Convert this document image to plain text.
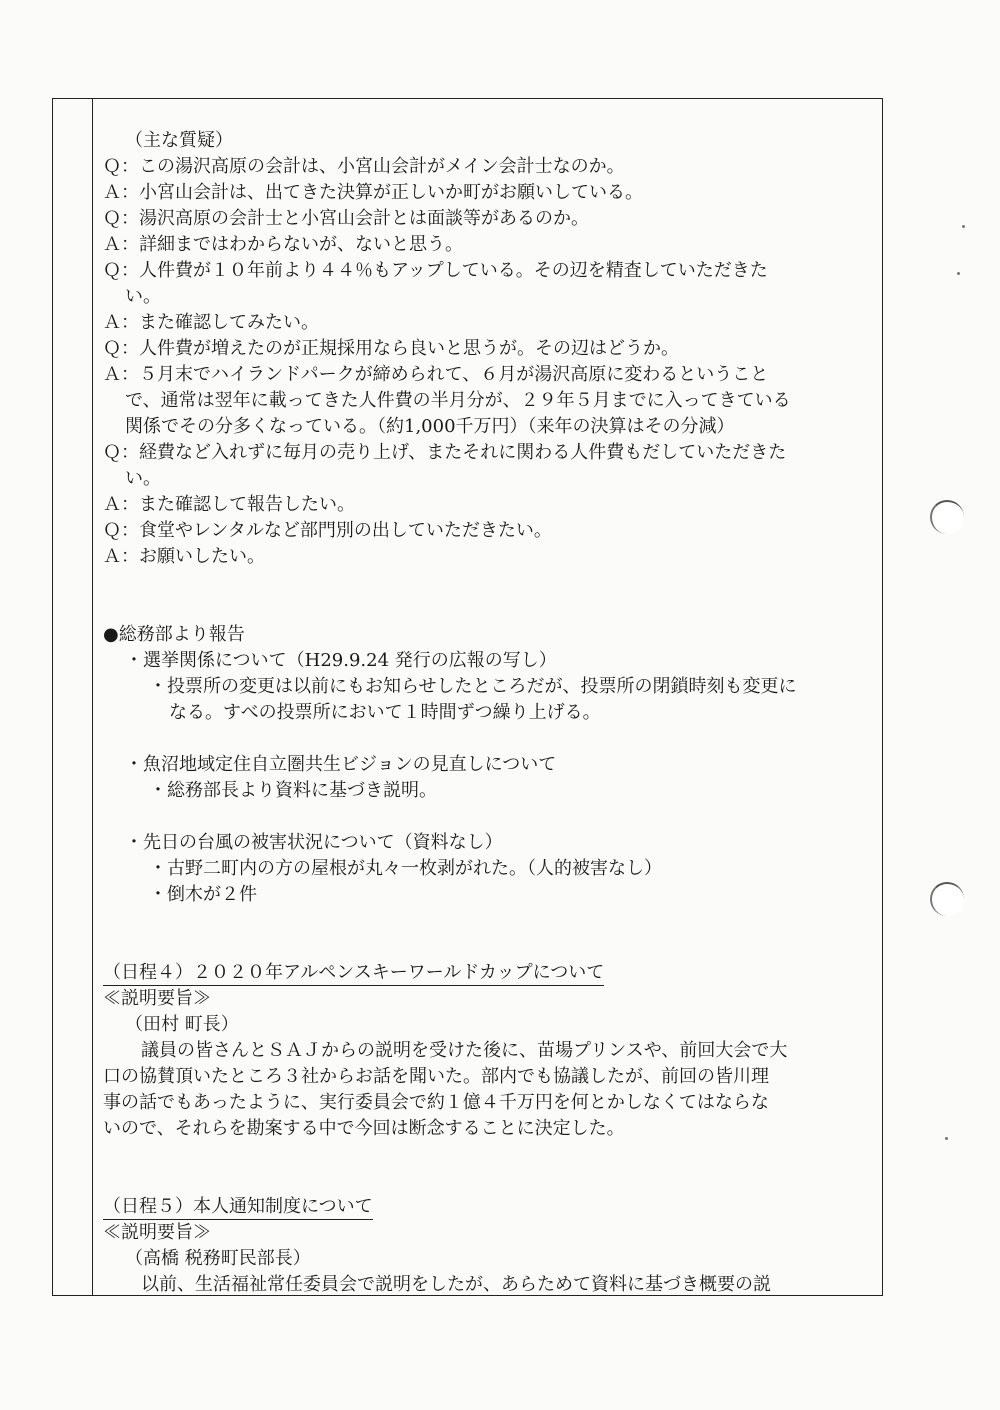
（主な質疑）
Ｑ：この湯沢高原の会計は、小宮山会計がメイン会計士なのか。
Ａ：小宮山会計は、出てきた決算が正しいか町がお願いしている。
Ｑ：湯沢高原の会計士と小宮山会計とは面談等があるのか。
Ａ：詳細まではわからないが、ないと思う。
Ｑ：人件費が１０年前より４４％もアップしている。その辺を精査していただきた
い。
Ａ：また確認してみたい。
Ｑ：人件費が増えたのが正規採用なら良いと思うが。その辺はどうか。
Ａ：５月末でハイランドパークが締められて、６月が湯沢高原に変わるということ
で、通常は翌年に載ってきた人件費の半月分が、２９年５月までに入ってきている
関係でその分多くなっている。（約1,000千万円）（来年の決算はその分減）
Ｑ：経費など入れずに毎月の売り上げ、またそれに関わる人件費もだしていただきた
い。
Ａ：また確認して報告したい。
Ｑ：食堂やレンタルなど部門別の出していただきたい。
Ａ：お願いしたい。
●総務部より報告
・選挙関係について（H29.9.24 発行の広報の写し）
・投票所の変更は以前にもお知らせしたところだが、投票所の閉鎖時刻も変更に
なる。すべの投票所において１時間ずつ繰り上げる。
・魚沼地域定住自立圏共生ビジョンの見直しについて
・総務部長より資料に基づき説明。
・先日の台風の被害状況について（資料なし）
・古野二町内の方の屋根が丸々一枚剥がれた。（人的被害なし）
・倒木が２件
（日程４）２０２０年アルペンスキーワールドカップについて
≪説明要旨≫
（田村 町長）
議員の皆さんとＳＡＪからの説明を受けた後に、苗場プリンスや、前回大会で大
口の協賛頂いたところ３社からお話を聞いた。部内でも協議したが、前回の皆川理
事の話でもあったように、実行委員会で約１億４千万円を何とかしなくてはならな
いので、それらを勘案する中で今回は断念することに決定した。
（日程５）本人通知制度について
≪説明要旨≫
（高橋 税務町民部長）
以前、生活福祉常任委員会で説明をしたが、あらためて資料に基づき概要の説
